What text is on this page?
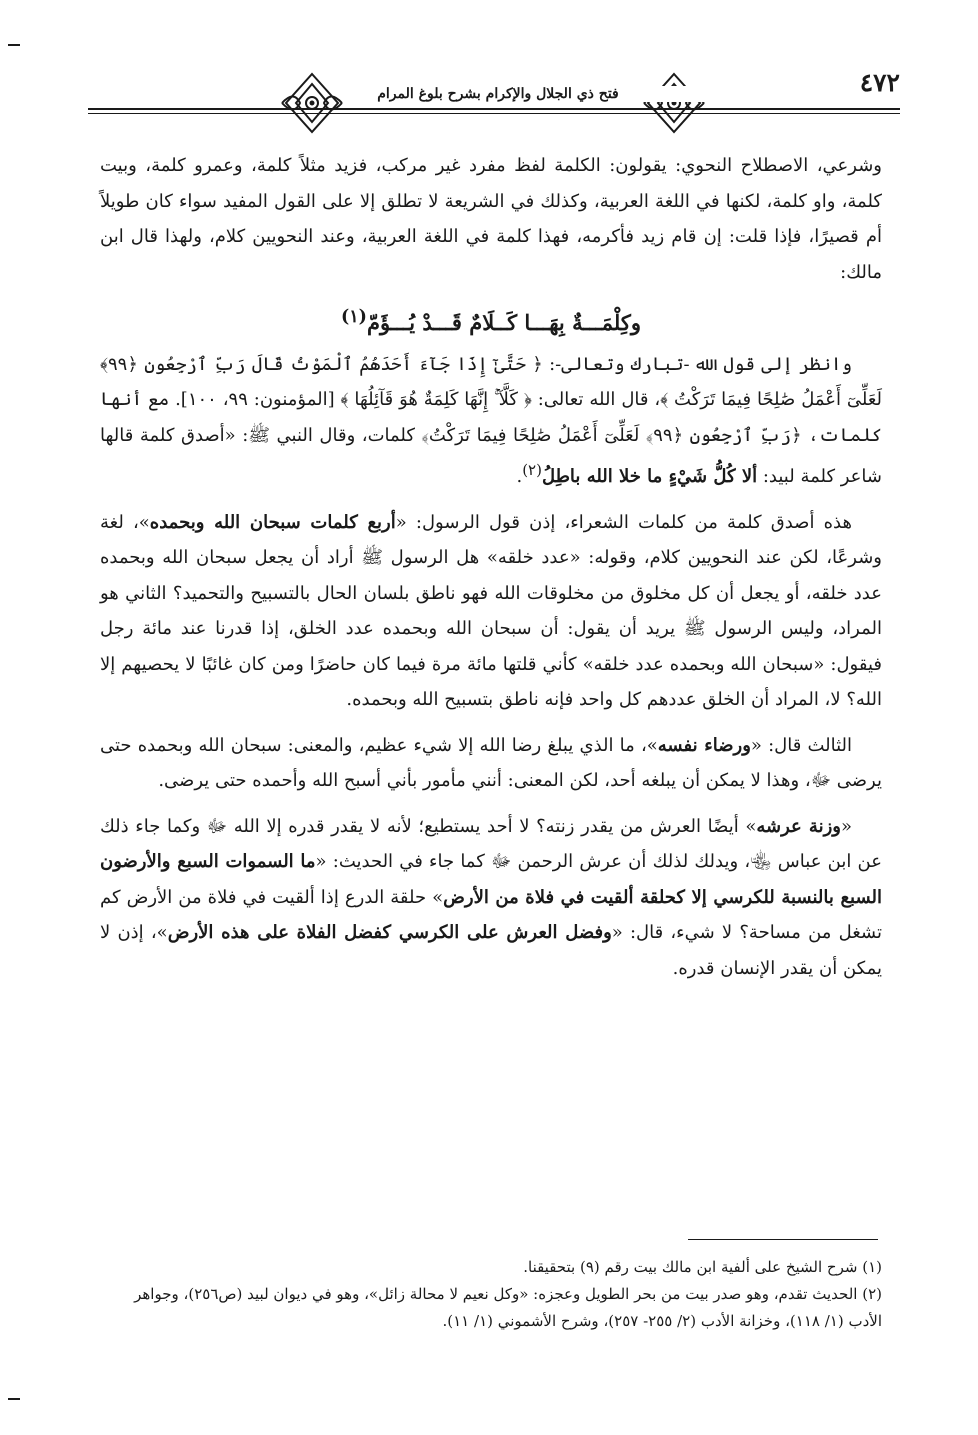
٤٧٢
فتح ذي الجلال والإكرام بشرح بلوغ المرام

وشرعي، الاصطلاح النحوي: يقولون: الكلمة لفظ مفرد غير مركب، فزيد مثلاً كلمة، وعمرو كلمة، وبيت كلمة، واو كلمة، لكنها في اللغة العربية، وكذلك في الشريعة لا تطلق إلا على القول المفيد سواء كان طويلاً أم قصيرًا، فإذا قلت: إن قام زيد فأكرمه، فهذا كلمة في اللغة العربية، وعند النحويين كلام، ولهذا قال ابن مالك:

وكِلْمَـــةٌ بِهَـــا كَــلَامٌ قَـــدْ يُـــؤَمّ$^{(١)}$

وانظر إلى قول الله -تبارك وتعالى-: ﴿ حَتَّىٰٓ إِذَا جَآءَ أَحَدَهُمُ ٱلْمَوْتُ قَالَ رَبِّ ٱرْجِعُونِ ﴿٩٩﴾ لَعَلِّىٓ أَعْمَلُ صَٰلِحًا فِيمَا تَرَكْتُ ﴾، قال الله تعالى: ﴿ كَلَّآ ۚ إِنَّهَا كَلِمَةٌ هُوَ قَآئِلُهَا ﴾ [المؤمنون: ٩٩، ١٠٠]. مع أنها كلمات، ﴿رَبِّ ٱرْجِعُونِ ﴿٩٩﴾ لَعَلِّىٓ أَعْمَلُ صَٰلِحًا فِيمَا تَرَكْتُ﴾ كلمات، وقال النبي ﷺ: «أصدق كلمة قالها شاعر كلمة لبيد: ألا كُلُّ شَيْءٍ ما خلا الله باطِلُ$^{(٢)}$.

هذه أصدق كلمة من كلمات الشعراء، إذن قول الرسول: «أربع كلمات سبحان الله وبحمده»، لغة وشرعًا، لكن عند النحويين كلام، وقوله: «عدد خلقه» هل الرسول ﷺ أراد أن يجعل سبحان الله وبحمده عدد خلقه، أو يجعل أن كل مخلوق من مخلوقات الله فهو ناطق بلسان الحال بالتسبيح والتحميد؟ الثاني هو المراد، وليس الرسول ﷺ يريد أن يقول: أن سبحان الله وبحمده عدد الخلق، إذا قدرنا عند مائة رجل فيقول: «سبحان الله وبحمده عدد خلقه» كأني قلتها مائة مرة فيما كان حاضرًا ومن كان غائبًا لا يحصيهم إلا الله؟ لا، المراد أن الخلق عددهم كل واحد فإنه ناطق بتسبيح الله وبحمده.

الثالث قال: «ورضاء نفسه»، ما الذي يبلغ رضا الله إلا شيء عظيم، والمعنى: سبحان الله وبحمده حتى يرضى ﷻ، وهذا لا يمكن أن يبلغه أحد، لكن المعنى: أنني مأمور بأني أسبح الله وأحمده حتى يرضى.

«وزنة عرشه» أيضًا العرش من يقدر زنته؟ لا أحد يستطيع؛ لأنه لا يقدر قدره إلا الله ﷻ وكما جاء ذلك عن ابن عباس ﵄، ويدلك لذلك أن عرش الرحمن ﷻ كما جاء في الحديث: «ما السموات السبع والأرضون السبع بالنسبة للكرسي إلا كحلقة ألقيت في فلاة من الأرض» حلقة الدرع إذا ألقيت في فلاة من الأرض كم تشغل من مساحة؟ لا شيء، قال: «وفضل العرش على الكرسي كفضل الفلاة على هذه الأرض»، إذن لا يمكن أن يقدر الإنسان قدره.

(١) شرح الشيخ على ألفية ابن مالك بيت رقم (٩) بتحقيقنا.

(٢) الحديث تقدم، وهو صدر بيت من بحر الطويل وعجزه: «وكل نعيم لا محالة زائل»، وهو في ديوان لبيد (ص٢٥٦)، وجواهر الأدب (١/ ١١٨)، وخزانة الأدب (٢/ ٢٥٥- ٢٥٧)، وشرح الأشموني (١/ ١١).
